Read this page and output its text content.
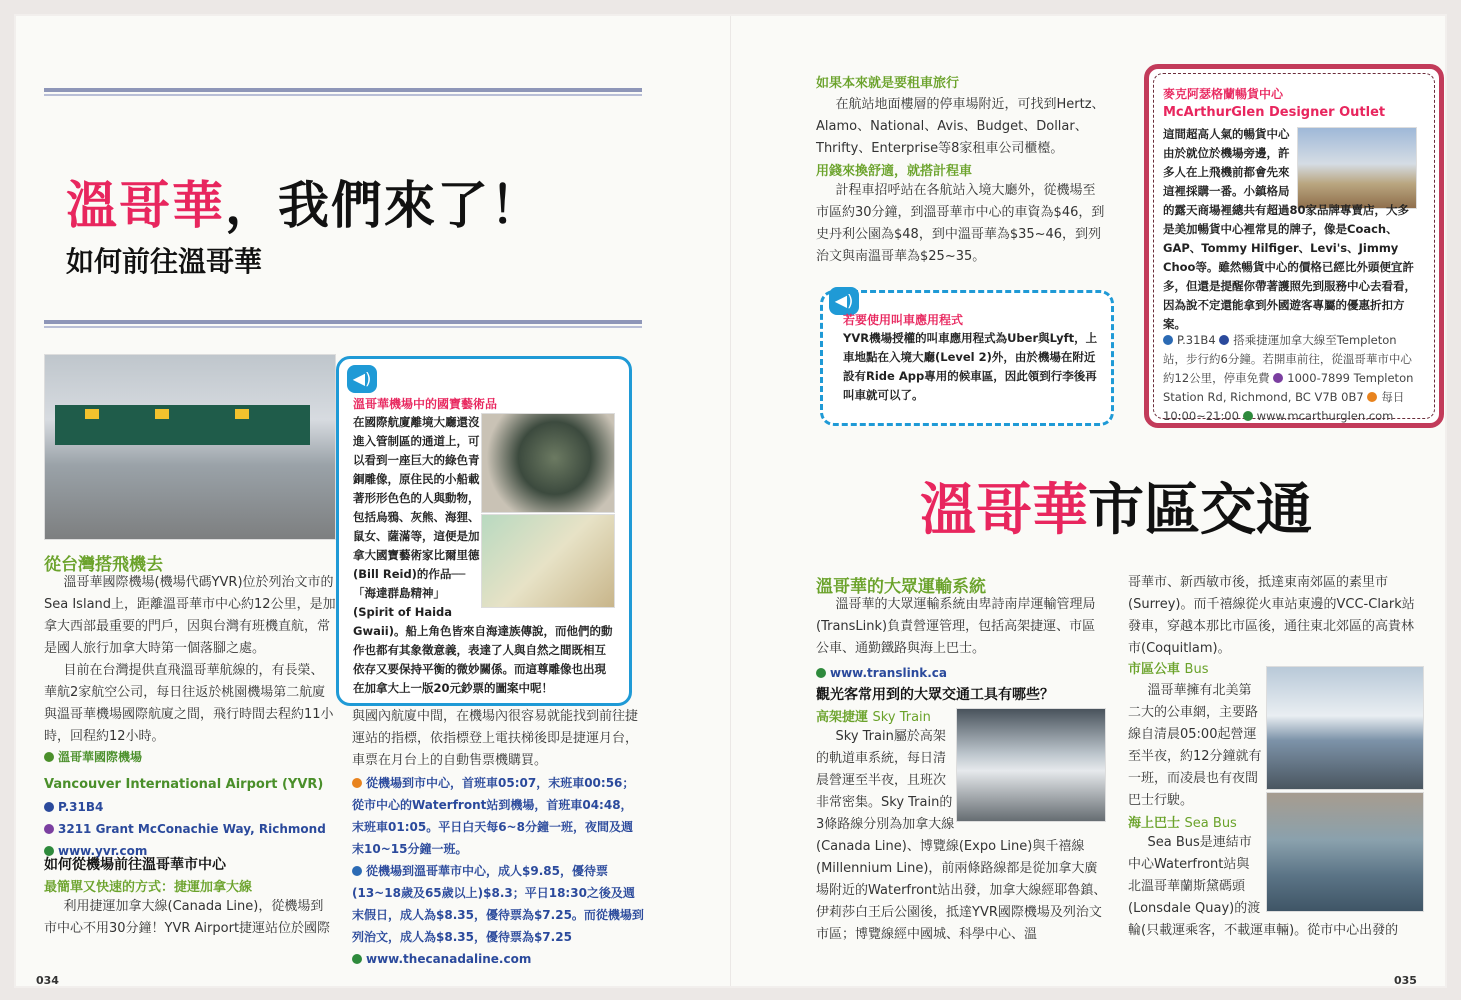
溫哥華，我們來了！
如何前往溫哥華
從台灣搭飛機去

溫哥華國際機場(機場代碼YVR)位於列治文市的Sea Island上，距離溫哥華市中心約12公里，是加拿大西部最重要的門戶，因與台灣有班機直航，常是國人旅行加拿大時第一個落腳之處。

目前在台灣提供直飛溫哥華航線的，有長榮、華航2家航空公司，每日往返於桃園機場第二航廈與溫哥華機場國際航廈之間，飛行時間去程約11小時，回程約12小時。

溫哥華國際機場
Vancouver International Airport (YVR)
P.31B4
3211 Grant McConachie Way, Richmond
www.yvr.com
如何從機場前往溫哥華市中心
最簡單又快速的方式：捷運加拿大線

利用捷運加拿大線(Canada Line)，從機場到市中心不用30分鐘！YVR Airport捷運站位於國際

◀)
溫哥華機場中的國寶藝術品
在國際航廈離境大廳還沒進入管制區的通道上，可以看到一座巨大的綠色青銅雕像，原住民的小船載著形形色色的人與動物，包括烏鴉、灰熊、海狸、鼠女、薩滿等，這便是加拿大國寶藝術家比爾里德(Bill Reid)的作品──「海達群島精神」(Spirit of Haida Gwaii)。船上角色皆來自海達族傳說，而他們的動作也都有其象徵意義，表達了人與自然之間既相互依存又要保持平衡的微妙關係。而這尊雕像也出現在加拿大上一版20元鈔票的圖案中呢！

與國內航廈中間，在機場內很容易就能找到前往捷運站的指標，依指標登上電扶梯後即是捷運月台，車票在月台上的自動售票機購買。

從機場到市中心，首班車05:07，末班車00:56；從市中心的Waterfront站到機場，首班車04:48，末班車01:05。平日白天每6~8分鐘一班，夜間及週末10~15分鐘一班。
從機場到溫哥華市中心，成人$9.85，優待票(13~18歲及65歲以上)$8.3；平日18:30之後及週末假日，成人為$8.35，優待票為$7.25。而從機場到列治文，成人為$8.35，優待票為$7.25
www.thecanadaline.com
034
如果本來就是要租車旅行

在航站地面樓層的停車場附近，可找到Hertz、Alamo、National、Avis、Budget、Dollar、Thrifty、Enterprise等8家租車公司櫃檯。

用錢來換舒適，就搭計程車

計程車招呼站在各航站入境大廳外，從機場至市區約30分鐘，到溫哥華市中心的車資為$46，到史丹利公園為$48，到中溫哥華為$35~46，到列治文與南溫哥華為$25~35。

◀)
若要使用叫車應用程式
YVR機場授權的叫車應用程式為Uber與Lyft，上車地點在入境大廳(Level 2)外，由於機場在附近設有Ride App專用的候車區，因此領到行李後再叫車就可以了。
麥克阿瑟格蘭暢貨中心
McArthurGlen Designer Outlet
這間超高人氣的暢貨中心由於就位於機場旁邊，許多人在上飛機前都會先來這裡採購一番。小鎮格局的露天商場裡總共有超過80家品牌專賣店，大多是美加暢貨中心裡常見的牌子，像是Coach、GAP、Tommy Hilfiger、Levi's、Jimmy Choo等。雖然暢貨中心的價格已經比外頭便宜許多，但還是提醒你帶著護照先到服務中心去看看，因為說不定還能拿到外國遊客專屬的優惠折扣方案。
P.31B4 搭乘捷運加拿大線至Templeton站，步行約6分鐘。若開車前往，從溫哥華市中心約12公里，停車免費 1000-7899 Templeton Station Rd, Richmond, BC V7B 0B7 每日 10:00~21:00 www.mcarthurglen.com
溫哥華市區交通
溫哥華的大眾運輸系統

溫哥華的大眾運輸系統由卑詩南岸運輸管理局(TransLink)負責營運管理，包括高架捷運、市區公車、通勤鐵路與海上巴士。

www.translink.ca
觀光客常用到的大眾交通工具有哪些？
高架捷運 Sky Train

Sky Train屬於高架的軌道車系統，每日清晨營運至半夜，且班次非常密集。Sky Train的3條路線分別為加拿大線(Canada Line)、博覽線(Expo Line)與千禧線(Millennium Line)，前兩條路線都是從加拿大廣場附近的Waterfront站出發，加拿大線經耶魯鎮、伊莉莎白王后公園後，抵達YVR國際機場及列治文市區；博覽線經中國城、科學中心、溫

哥華市、新西敏市後，抵達東南郊區的素里市(Surrey)。而千禧線從火車站東邊的VCC-Clark站發車，穿越本那比市區後，通往東北郊區的高貴林市(Coquitlam)。

市區公車 Bus

溫哥華擁有北美第二大的公車網，主要路線自清晨05:00起營運至半夜，約12分鐘就有一班，而凌晨也有夜間巴士行駛。

海上巴士 Sea Bus

Sea Bus是連結市中心Waterfront站與北溫哥華蘭斯黛碼頭(Lonsdale Quay)的渡輪(只載運乘客，不載運車輛)。從市中心出發的

035
